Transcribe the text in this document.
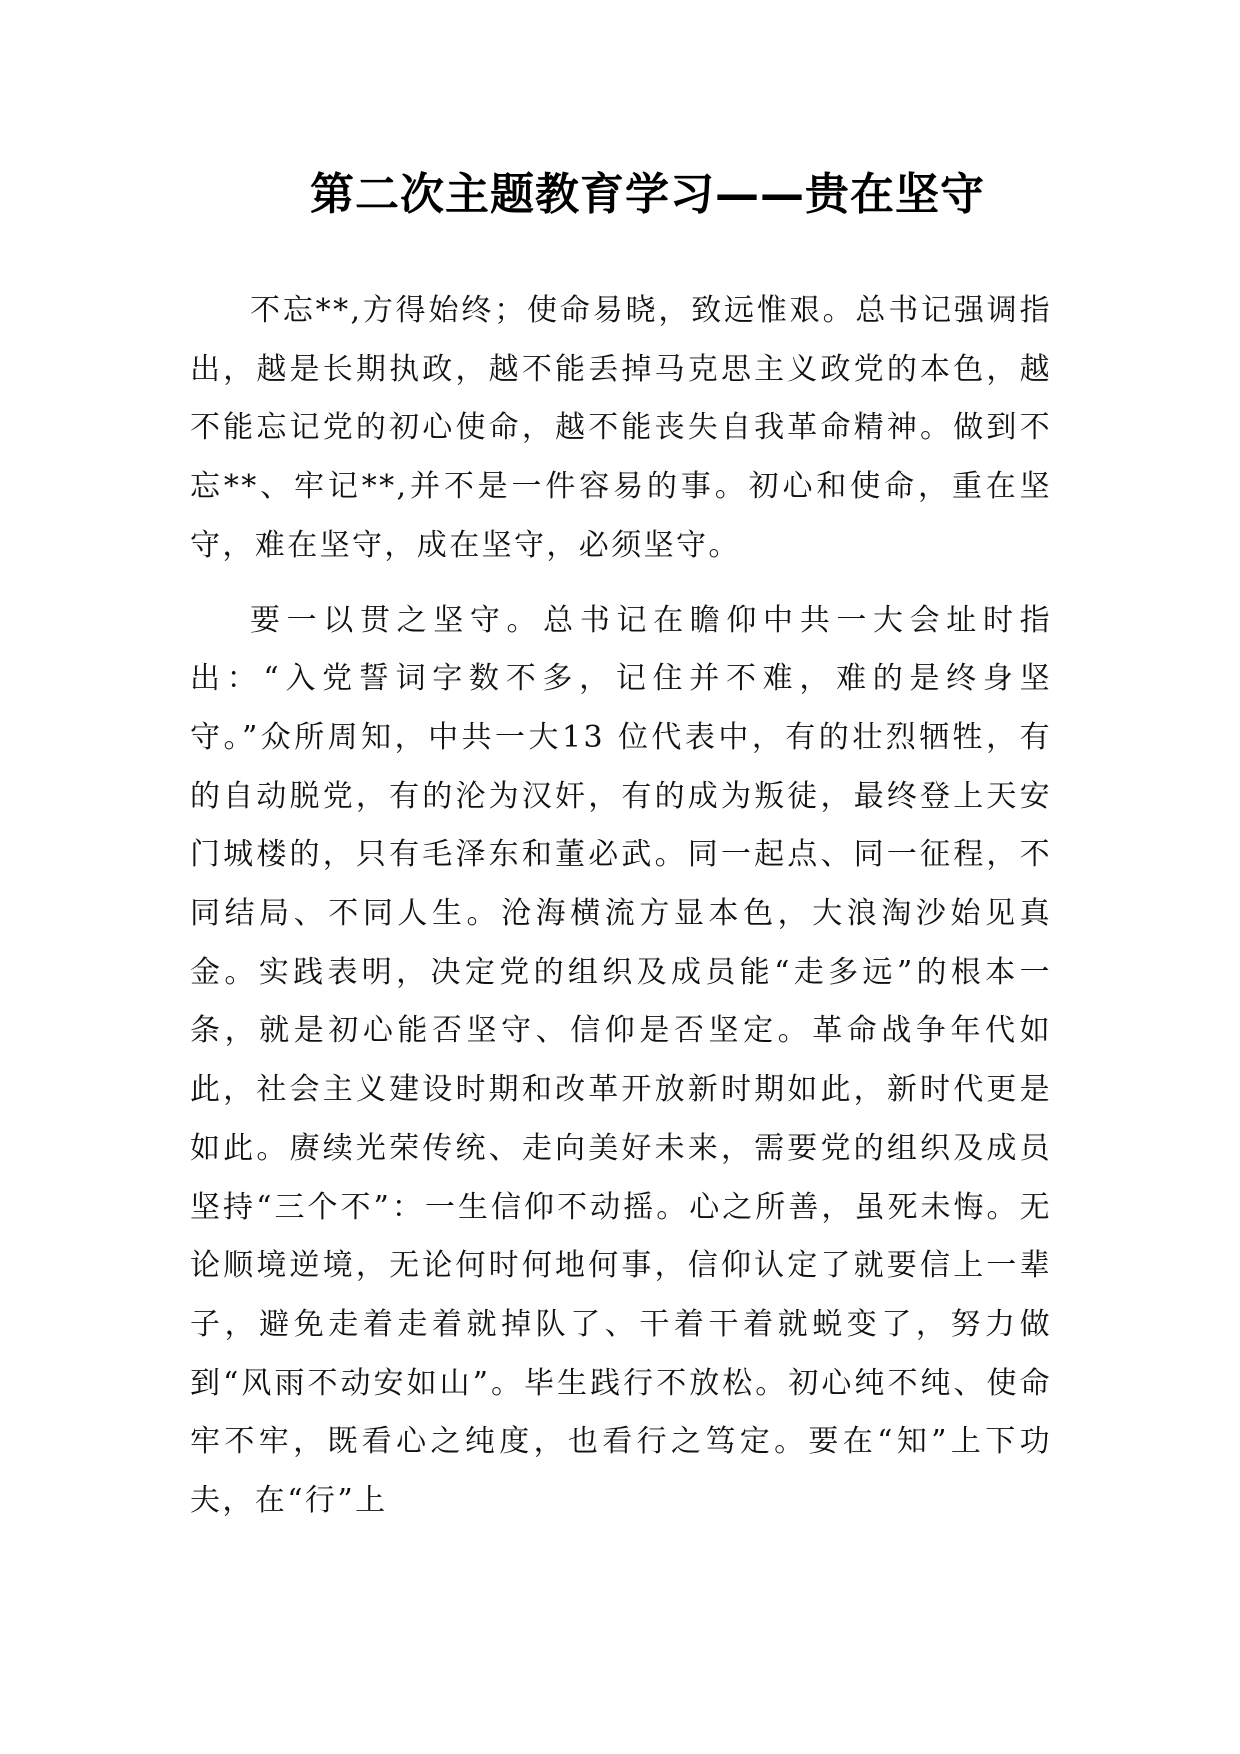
第二次主题教育学习——贵在坚守

不忘**,方得始终；使命易晓，致远惟艰。总书记强调指出，越是长期执政，越不能丢掉马克思主义政党的本色，越不能忘记党的初心使命，越不能丧失自我革命精神。做到不忘**、牢记**,并不是一件容易的事。初心和使命，重在坚守，难在坚守，成在坚守，必须坚守。

要一以贯之坚守。总书记在瞻仰中共一大会址时指出：“入党誓词字数不多，记住并不难，难的是终身坚守。”众所周知，中共一大13 位代表中，有的壮烈牺牲，有的自动脱党，有的沦为汉奸，有的成为叛徒，最终登上天安门城楼的，只有毛泽东和董必武。同一起点、同一征程，不同结局、不同人生。沧海横流方显本色，大浪淘沙始见真金。实践表明，决定党的组织及成员能“走多远”的根本一条，就是初心能否坚守、信仰是否坚定。革命战争年代如此，社会主义建设时期和改革开放新时期如此，新时代更是如此。赓续光荣传统、走向美好未来，需要党的组织及成员坚持“三个不”：一生信仰不动摇。心之所善，虽死未悔。无论顺境逆境，无论何时何地何事，信仰认定了就要信上一辈子，避免走着走着就掉队了、干着干着就蜕变了，努力做到“风雨不动安如山”。毕生践行不放松。初心纯不纯、使命牢不牢，既看心之纯度，也看行之笃定。要在“知”上下功夫，在“行”上
